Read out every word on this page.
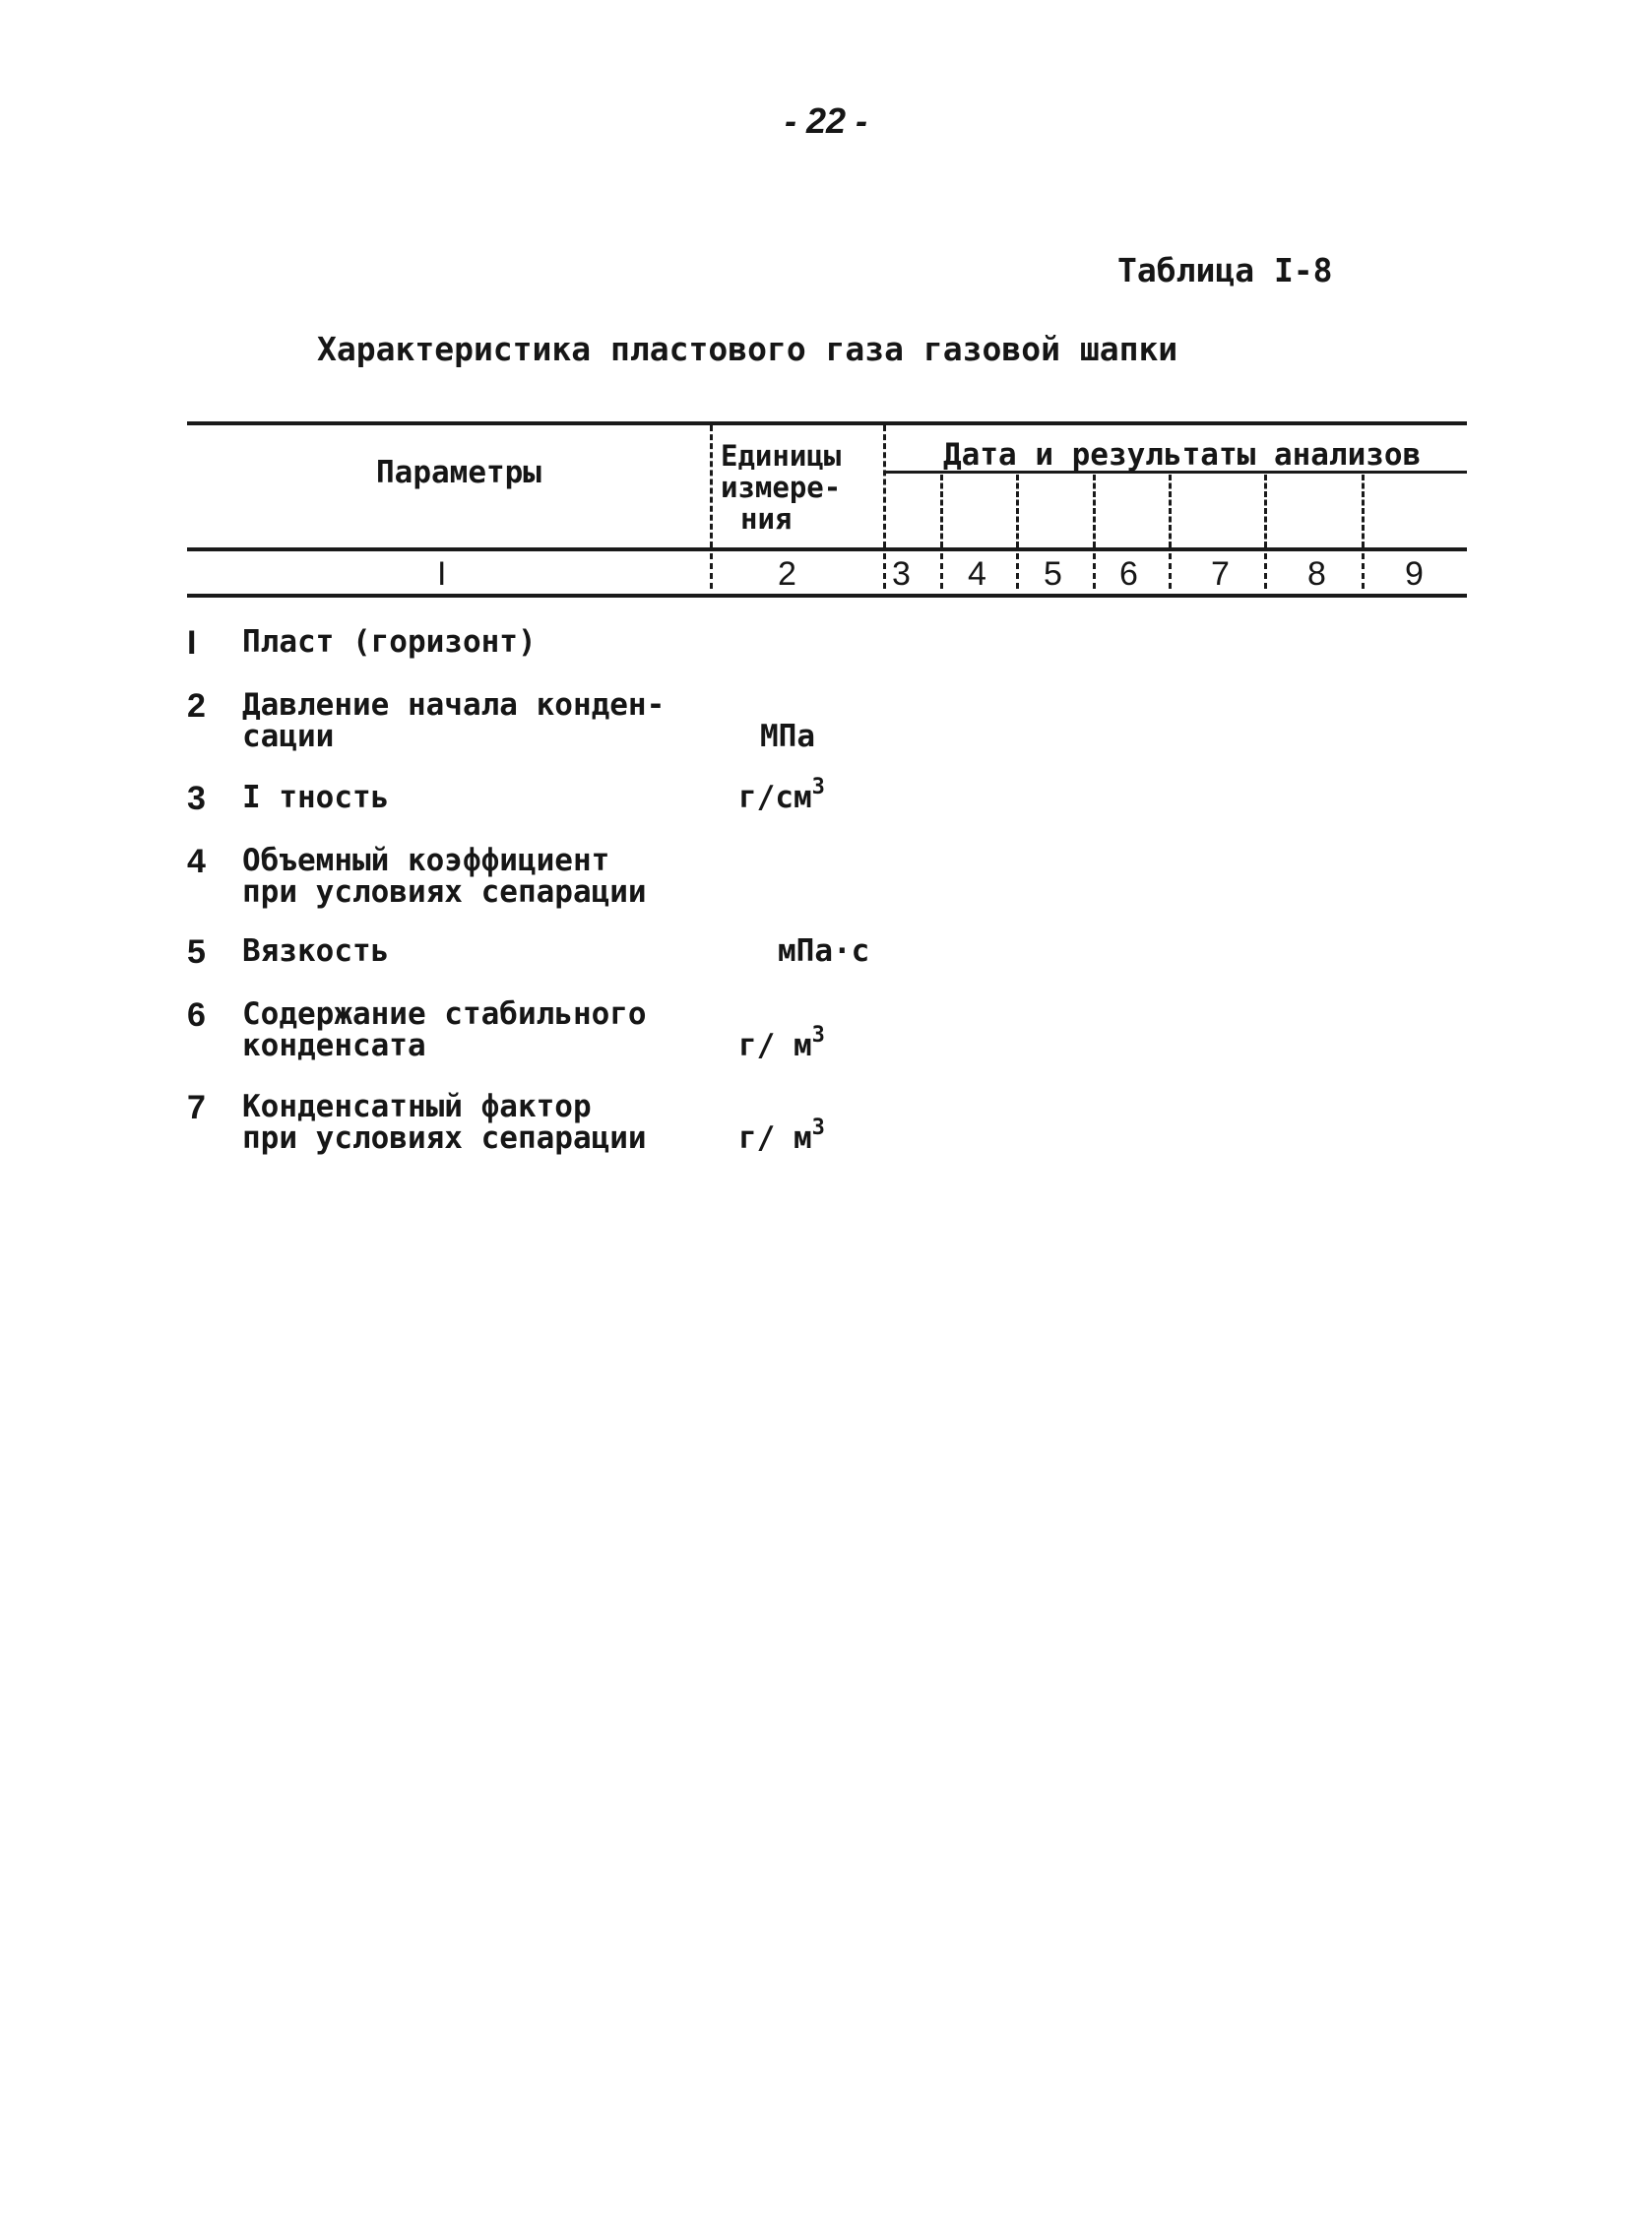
- 22 -
Таблица I-8
Характеристика пластового газа газовой шапки
Параметры	Единицы
измере-
ния
Дата и результаты анализов
I	2	3 4 5 6 7 8 9
I Пласт (горизонт)
2 Давление начала конден-
сации	МПа
3 I тность	$г/см^3$
4 Объемный коэффициент
при условиях сепарации
5 Вязкость	мПа·с
6 Содержание стабильного
конденсата	г/ $м^3$
7 Конденсатный фактор
при условиях сепарации	г/ $м^3$
